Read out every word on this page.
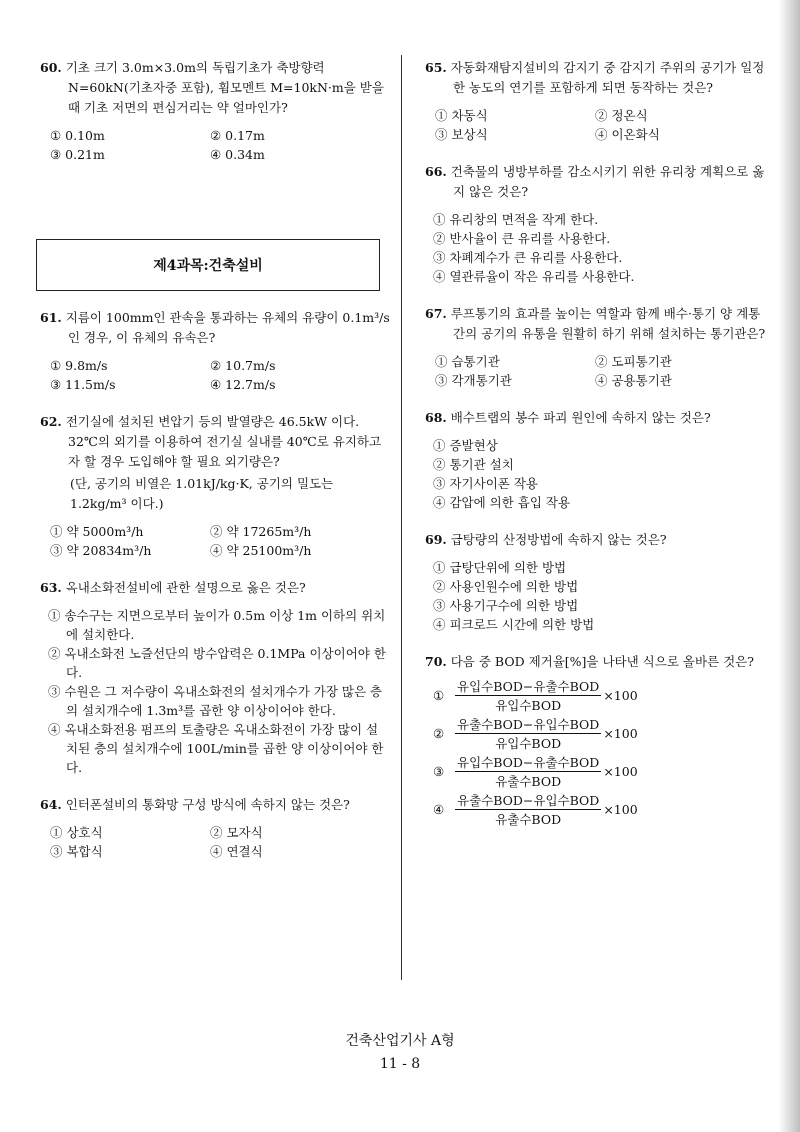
60. 기초 크기 3.0m×3.0m의 독립기초가 축방향력 N=60kN(기초자중 포함), 휨모멘트 M=10kN·m을 받을 때 기초 저면의 편심거리는 약 얼마인가?
① 0.10m	② 0.17m
③ 0.21m	④ 0.34m
제4과목:건축설비
61. 지름이 100mm인 관속을 통과하는 유체의 유량이 0.1m³/s인 경우, 이 유체의 유속은?
① 9.8m/s	② 10.7m/s
③ 11.5m/s	④ 12.7m/s
62. 전기실에 설치된 변압기 등의 발열량은 46.5kW 이다. 32℃의 외기를 이용하여 전기실 실내를 40℃로 유지하고자 할 경우 도입해야 할 필요 외기량은?
(단, 공기의 비열은 1.01kJ/kg·K, 공기의 밀도는 1.2kg/m³ 이다.)
① 약 5000m³/h	② 약 17265m³/h
③ 약 20834m³/h	④ 약 25100m³/h
63. 옥내소화전설비에 관한 설명으로 옳은 것은?
① 송수구는 지면으로부터 높이가 0.5m 이상 1m 이하의 위치에 설치한다.
② 옥내소화전 노즐선단의 방수압력은 0.1MPa 이상이어야 한다.
③ 수원은 그 저수량이 옥내소화전의 설치개수가 가장 많은 층의 설치개수에 1.3m³를 곱한 양 이상이어야 한다.
④ 옥내소화전용 펌프의 토출량은 옥내소화전이 가장 많이 설치된 층의 설치개수에 100L/min를 곱한 양 이상이어야 한다.
64. 인터폰설비의 통화망 구성 방식에 속하지 않는 것은?
① 상호식	② 모자식
③ 복합식	④ 연결식
65. 자동화재탐지설비의 감지기 중 감지기 주위의 공기가 일정한 농도의 연기를 포함하게 되면 동작하는 것은?
① 차동식	② 정온식
③ 보상식	④ 이온화식
66. 건축물의 냉방부하를 감소시키기 위한 유리창 계획으로 옳지 않은 것은?
① 유리창의 면적을 작게 한다.
② 반사율이 큰 유리를 사용한다.
③ 차폐계수가 큰 유리를 사용한다.
④ 열관류율이 작은 유리를 사용한다.
67. 루프통기의 효과를 높이는 역할과 함께 배수·통기 양 계통간의 공기의 유통을 원활히 하기 위해 설치하는 통기관은?
① 습통기관	② 도피통기관
③ 각개통기관	④ 공용통기관
68. 배수트랩의 봉수 파괴 원인에 속하지 않는 것은?
① 증발현상
② 통기관 설치
③ 자기사이폰 작용
④ 감압에 의한 흡입 작용
69. 급탕량의 산정방법에 속하지 않는 것은?
① 급탕단위에 의한 방법
② 사용인원수에 의한 방법
③ 사용기구수에 의한 방법
④ 피크로드 시간에 의한 방법
70. 다음 중 BOD 제거율[%]을 나타낸 식으로 올바른 것은?
① $\frac{\text{유입수BOD−유출수BOD}}{\text{유입수BOD}} \times 100$
② $\frac{\text{유출수BOD−유입수BOD}}{\text{유입수BOD}} \times 100$
③ $\frac{\text{유입수BOD−유출수BOD}}{\text{유출수BOD}} \times 100$
④ $\frac{\text{유출수BOD−유입수BOD}}{\text{유출수BOD}} \times 100$
건축산업기사 A형
11 - 8
